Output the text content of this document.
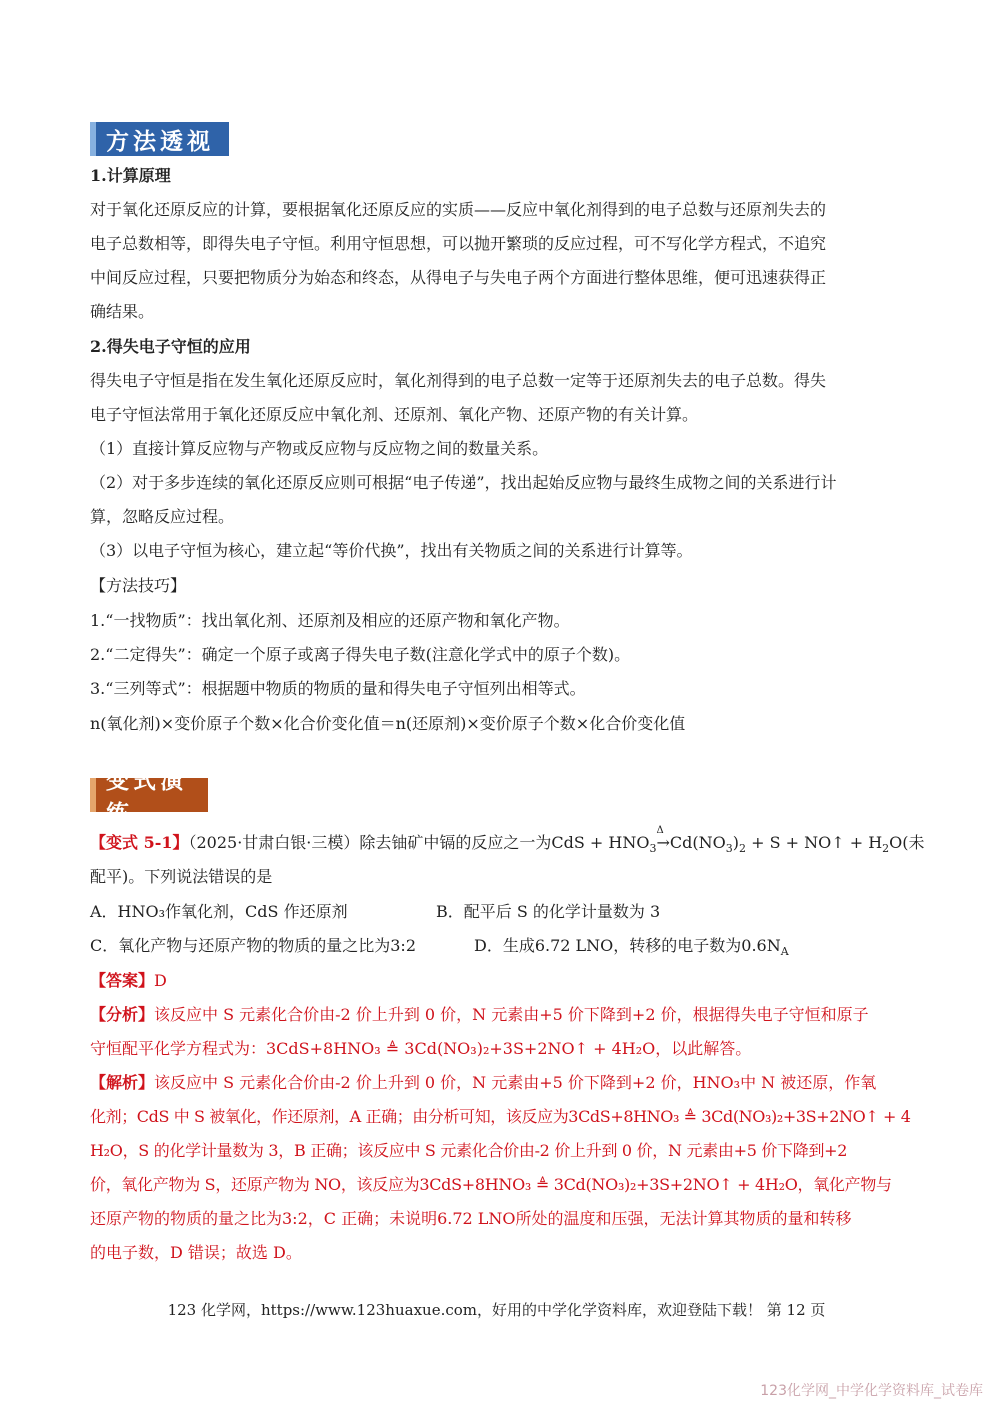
方法透视
1.计算原理
对于氧化还原反应的计算，要根据氧化还原反应的实质——反应中氧化剂得到的电子总数与还原剂失去的
电子总数相等，即得失电子守恒。利用守恒思想，可以抛开繁琐的反应过程，可不写化学方程式，不追究
中间反应过程，只要把物质分为始态和终态，从得电子与失电子两个方面进行整体思维，便可迅速获得正
确结果。
2.得失电子守恒的应用
得失电子守恒是指在发生氧化还原反应时，氧化剂得到的电子总数一定等于还原剂失去的电子总数。得失
电子守恒法常用于氧化还原反应中氧化剂、还原剂、氧化产物、还原产物的有关计算。
（1）直接计算反应物与产物或反应物与反应物之间的数量关系。
（2）对于多步连续的氧化还原反应则可根据“电子传递”，找出起始反应物与最终生成物之间的关系进行计
算，忽略反应过程。
（3）以电子守恒为核心，建立起“等价代换”，找出有关物质之间的关系进行计算等。
【方法技巧】
1.“一找物质”：找出氧化剂、还原剂及相应的还原产物和氧化产物。
2.“二定得失”：确定一个原子或离子得失电子数(注意化学式中的原子个数)。
3.“三列等式”：根据题中物质的物质的量和得失电子守恒列出相等式。
n(氧化剂)×变价原子个数×化合价变化值＝n(还原剂)×变价原子个数×化合价变化值
变式演练
【变式 5-1】（2025·甘肃白银·三模）除去铀矿中镉的反应之一为CdS + $HNO_3$
Δ
$\to Cd(NO_3)_2 + S$ + NO↑ + $H_2O$(未
配平)。下列说法错误的是
A．HNO₃作氧化剂，CdS 作还原剂	B．配平后 S 的化学计量数为 3
C．氧化产物与还原产物的物质的量之比为3:2	D．生成6.72 LNO，转移的电子数为$0.6N_A$
【答案】D
【分析】该反应中 S 元素化合价由-2 价上升到 0 价，N 元素由+5 价下降到+2 价，根据得失电子守恒和原子
守恒配平化学方程式为：3CdS+8HNO₃ ≜ 3Cd(NO₃)₂+3S+2NO↑ + 4H₂O，以此解答。
【解析】该反应中 S 元素化合价由-2 价上升到 0 价，N 元素由+5 价下降到+2 价，HNO₃中 N 被还原，作氧
化剂；CdS 中 S 被氧化，作还原剂，A 正确；由分析可知，该反应为3CdS+8HNO₃ ≜ 3Cd(NO₃)₂+3S+2NO↑ + 4
H₂O，S 的化学计量数为 3，B 正确；该反应中 S 元素化合价由-2 价上升到 0 价，N 元素由+5 价下降到+2
价，氧化产物为 S，还原产物为 NO，该反应为3CdS+8HNO₃ ≜ 3Cd(NO₃)₂+3S+2NO↑ + 4H₂O，氧化产物与
还原产物的物质的量之比为3:2，C 正确；未说明6.72 LNO所处的温度和压强，无法计算其物质的量和转移
的电子数，D 错误；故选 D。
123 化学网，https://www.123huaxue.com，好用的中学化学资料库，欢迎登陆下载！ 第 12 页
123化学网_中学化学资料库_试卷库
